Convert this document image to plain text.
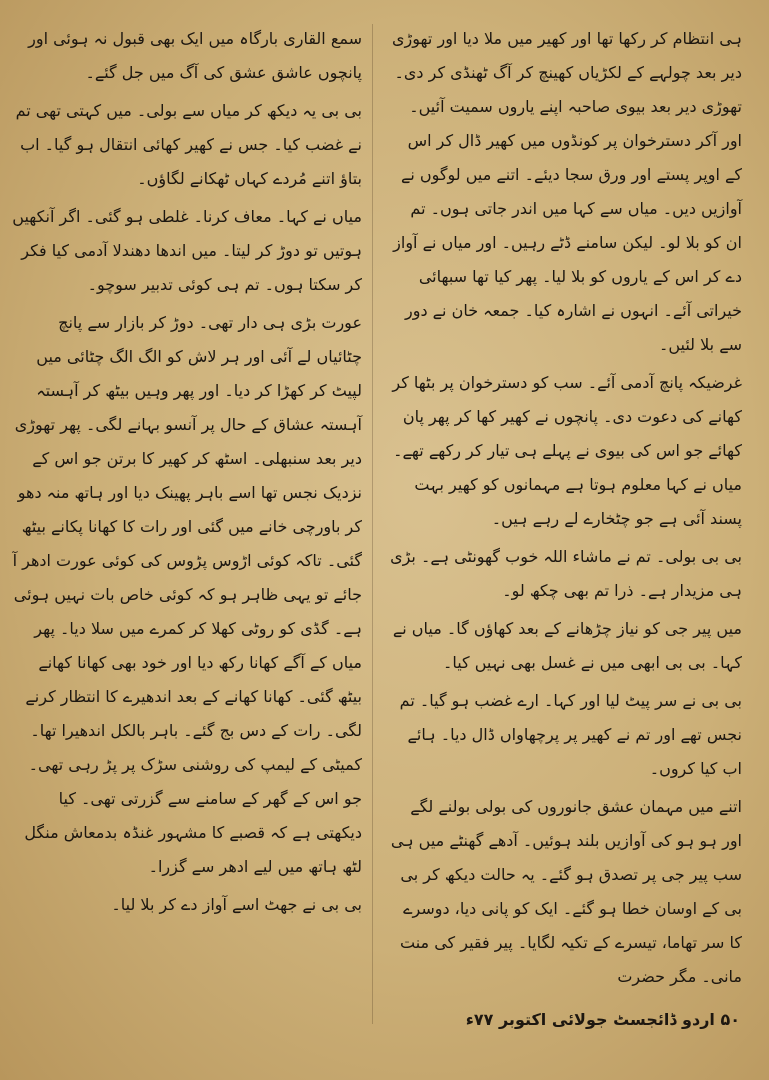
ہی انتظام کر رکھا تھا اور کھیر میں ملا دیا اور تھوڑی دیر بعد چولہے کے لکڑیاں کھینچ کر آگ ٹھنڈی کر دی۔ تھوڑی دیر بعد بیوی صاحبہ اپنے یاروں سمیت آئیں۔ اور آکر دسترخوان پر کونڈوں میں کھیر ڈال کر اس کے اوپر پستے اور ورق سجا دیئے۔ اتنے میں لوگوں نے آوازیں دیں۔ میاں سے کہا میں اندر جاتی ہوں۔ تم ان کو بلا لو۔ لیکن سامنے ڈٹے رہیں۔ اور میاں نے آواز دے کر اس کے یاروں کو بلا لیا۔ پھر کیا تھا سبھائی خیراتی آئے۔ انہوں نے اشارہ کیا۔ جمعہ خان نے دور سے بلا لئیں۔

غرضیکہ پانچ آدمی آئے۔ سب کو دسترخوان پر بٹھا کر کھانے کی دعوت دی۔ پانچوں نے کھیر کھا کر پھر پان کھائے جو اس کی بیوی نے پہلے ہی تیار کر رکھے تھے۔ میاں نے کہا معلوم ہوتا ہے مہمانوں کو کھیر بہت پسند آئی ہے جو چٹخارے لے رہے ہیں۔

بی بی بولی۔ تم نے ماشاء اللہ خوب گھونٹی ہے۔ بڑی ہی مزیدار ہے۔ ذرا تم بھی چکھ لو۔

میں پیر جی کو نیاز چڑھانے کے بعد کھاؤں گا۔ میاں نے کہا۔ بی بی ابھی میں نے غسل بھی نہیں کیا۔

بی بی نے سر پیٹ لیا اور کہا۔ ارے غضب ہو گیا۔ تم نجس تھے اور تم نے کھیر پر پرچھاواں ڈال دیا۔ ہائے اب کیا کروں۔

اتنے میں مہمان عشق جانوروں کی بولی بولنے لگے اور ہو ہو کی آوازیں بلند ہوئیں۔ آدھے گھنٹے میں ہی سب پیر جی پر تصدق ہو گئے۔ یہ حالت دیکھ کر بی بی کے اوسان خطا ہو گئے۔ ایک کو پانی دیا، دوسرے کا سر تھاما، تیسرے کے تکیہ لگایا۔ پیر فقیر کی منت مانی۔ مگر حضرت

سمع القاری بارگاہ میں ایک بھی قبول نہ ہوئی اور پانچوں عاشق عشق کی آگ میں جل گئے۔

بی بی یہ دیکھ کر میاں سے بولی۔ میں کہتی تھی تم نے غضب کیا۔ جس نے کھیر کھائی انتقال ہو گیا۔ اب بتاؤ اتنے مُردے کہاں ٹھکانے لگاؤں۔

میاں نے کہا۔ معاف کرنا۔ غلطی ہو گئی۔ اگر آنکھیں ہوتیں تو دوڑ کر لیتا۔ میں اندھا دھندلا آدمی کیا فکر کر سکتا ہوں۔ تم ہی کوئی تدبیر سوچو۔

عورت بڑی ہی دار تھی۔ دوڑ کر بازار سے پانچ چٹائیاں لے آئی اور ہر لاش کو الگ الگ چٹائی میں لپیٹ کر کھڑا کر دیا۔ اور پھر وہیں بیٹھ کر آہستہ آہستہ عشاق کے حال پر آنسو بہانے لگی۔ پھر تھوڑی دیر بعد سنبھلی۔ اسٹھ کر کھیر کا برتن جو اس کے نزدیک نجس تھا اسے باہر پھینک دیا اور ہاتھ منہ دھو کر باورچی خانے میں گئی اور رات کا کھانا پکانے بیٹھ گئی۔ تاکہ کوئی اڑوس پڑوس کی کوئی عورت ادھر آ جائے تو یہی ظاہر ہو کہ کوئی خاص بات نہیں ہوئی ہے۔ گڈی کو روٹی کھلا کر کمرے میں سلا دیا۔ پھر میاں کے آگے کھانا رکھ دیا اور خود بھی کھانا کھانے بیٹھ گئی۔ کھانا کھانے کے بعد اندھیرے کا انتظار کرنے لگی۔ رات کے دس بج گئے۔ باہر بالکل اندھیرا تھا۔ کمیٹی کے لیمپ کی روشنی سڑک پر پڑ رہی تھی۔ جو اس کے گھر کے سامنے سے گزرتی تھی۔ کیا دیکھتی ہے کہ قصبے کا مشہور غنڈہ بدمعاش منگل لٹھ ہاتھ میں لیے ادھر سے گزرا۔

بی بی نے جھٹ اسے آواز دے کر بلا لیا۔

۵۰ اردو ڈائجسٹ جولائی اکتوبر ۷۷ء
